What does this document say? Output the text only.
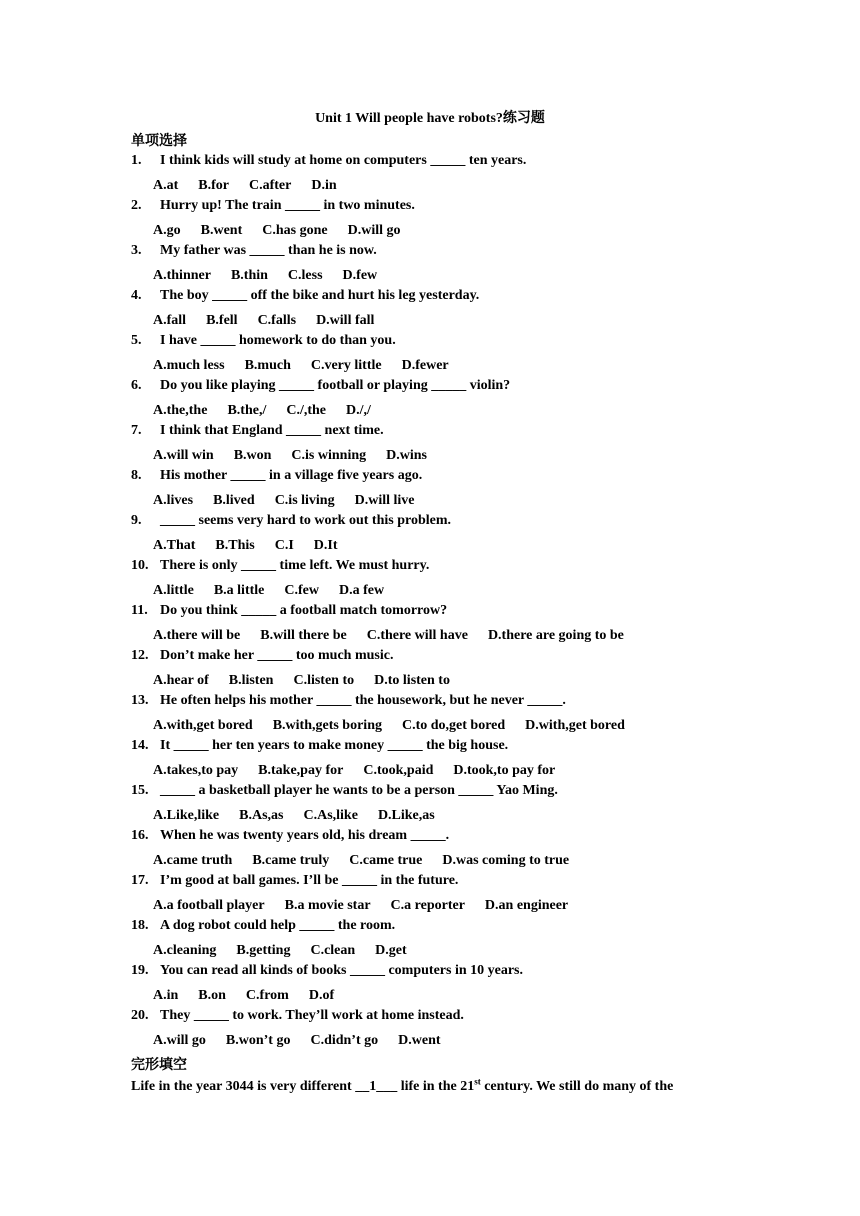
Unit 1 Will people have robots?练习题
单项选择
1. I think kids will study at home on computers _____ ten years.
A.at B.for C.after D.in
2. Hurry up! The train _____ in two minutes.
A.go B.went C.has gone D.will go
3. My father was _____ than he is now.
A.thinner B.thin C.less D.few
4. The boy _____ off the bike and hurt his leg yesterday.
A.fall B.fell C.falls D.will fall
5. I have _____ homework to do than you.
A.much less B.much C.very little D.fewer
6. Do you like playing _____ football or playing _____ violin?
A.the,the B.the,/ C./,the D./,/
7. I think that England _____ next time.
A.will win B.won C.is winning D.wins
8. His mother _____ in a village five years ago.
A.lives B.lived C.is living D.will live
9. _____ seems very hard to work out this problem.
A.That B.This C.I D.It
10. There is only _____ time left. We must hurry.
A.little B.a little C.few D.a few
11. Do you think _____ a football match tomorrow?
A.there will be B.will there be C.there will have D.there are going to be
12. Don’t make her _____ too much music.
A.hear of B.listen C.listen to D.to listen to
13. He often helps his mother _____ the housework, but he never _____.
A.with,get bored B.with,gets boring C.to do,get bored D.with,get bored
14. It _____ her ten years to make money _____ the big house.
A.takes,to pay B.take,pay for C.took,paid D.took,to pay for
15. _____ a basketball player he wants to be a person _____ Yao Ming.
A.Like,like B.As,as C.As,like D.Like,as
16. When he was twenty years old, his dream _____.
A.came truth B.came truly C.came true D.was coming to true
17. I’m good at ball games. I’ll be _____ in the future.
A.a football player B.a movie star C.a reporter D.an engineer
18. A dog robot could help _____ the room.
A.cleaning B.getting C.clean D.get
19. You can read all kinds of books _____ computers in 10 years.
A.in B.on C.from D.of
20. They _____ to work. They’ll work at home instead.
A.will go B.won’t go C.didn’t go D.went
完形填空
Life in the year 3044 is very different __1___ life in the 21st century. We still do many of the
